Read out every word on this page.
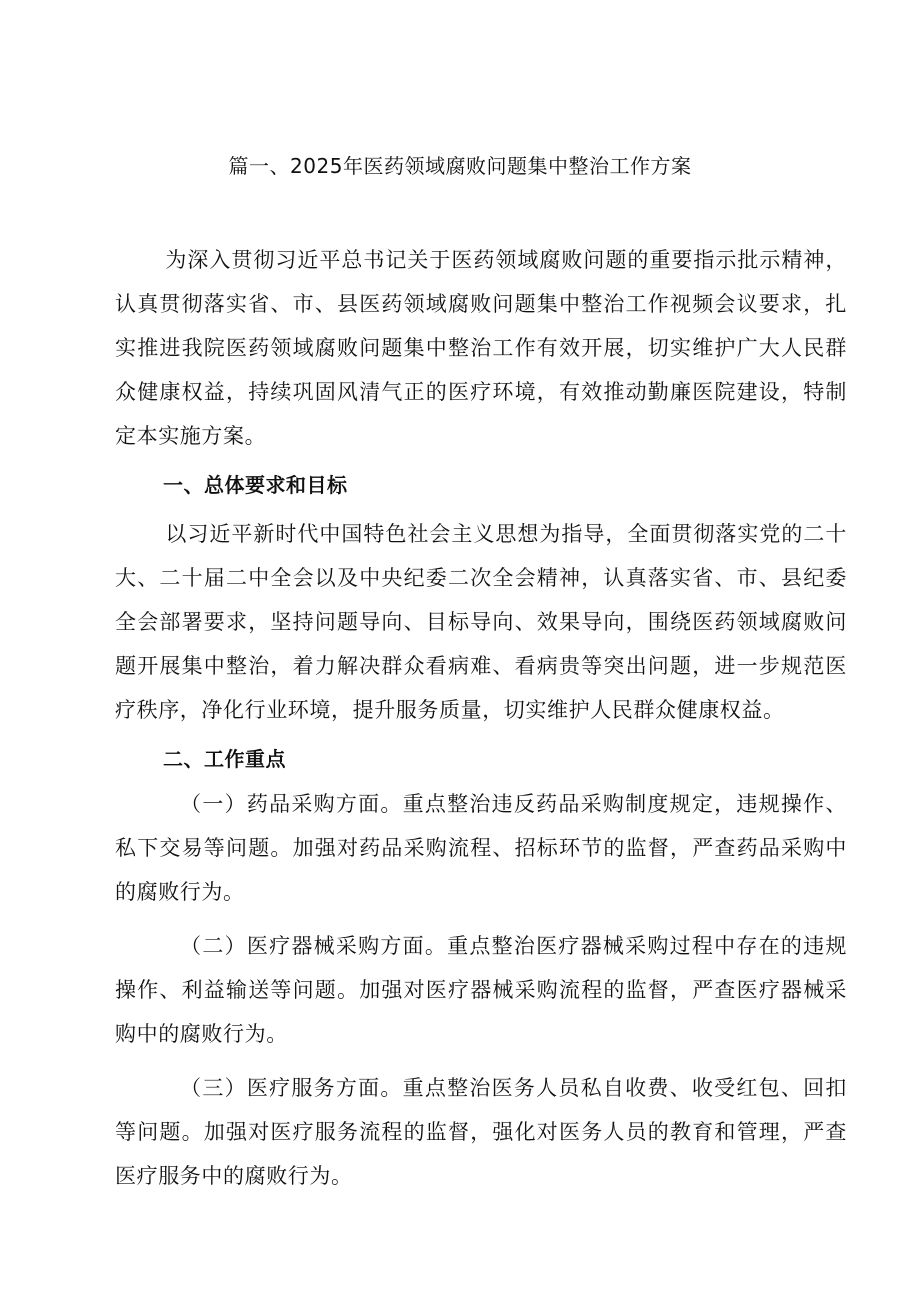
篇一、2025年医药领域腐败问题集中整治工作方案

为深入贯彻习近平总书记关于医药领域腐败问题的重要指示批示精神，认真贯彻落实省、市、县医药领域腐败问题集中整治工作视频会议要求，扎实推进我院医药领域腐败问题集中整治工作有效开展，切实维护广大人民群众健康权益，持续巩固风清气正的医疗环境，有效推动勤廉医院建设，特制定本实施方案。

一、总体要求和目标

以习近平新时代中国特色社会主义思想为指导，全面贯彻落实党的二十大、二十届二中全会以及中央纪委二次全会精神，认真落实省、市、县纪委全会部署要求，坚持问题导向、目标导向、效果导向，围绕医药领域腐败问题开展集中整治，着力解决群众看病难、看病贵等突出问题，进一步规范医疗秩序，净化行业环境，提升服务质量，切实维护人民群众健康权益。

二、工作重点

（一）药品采购方面。重点整治违反药品采购制度规定，违规操作、私下交易等问题。加强对药品采购流程、招标环节的监督，严查药品采购中的腐败行为。

（二）医疗器械采购方面。重点整治医疗器械采购过程中存在的违规操作、利益输送等问题。加强对医疗器械采购流程的监督，严查医疗器械采购中的腐败行为。

（三）医疗服务方面。重点整治医务人员私自收费、收受红包、回扣等问题。加强对医疗服务流程的监督，强化对医务人员的教育和管理，严查医疗服务中的腐败行为。
